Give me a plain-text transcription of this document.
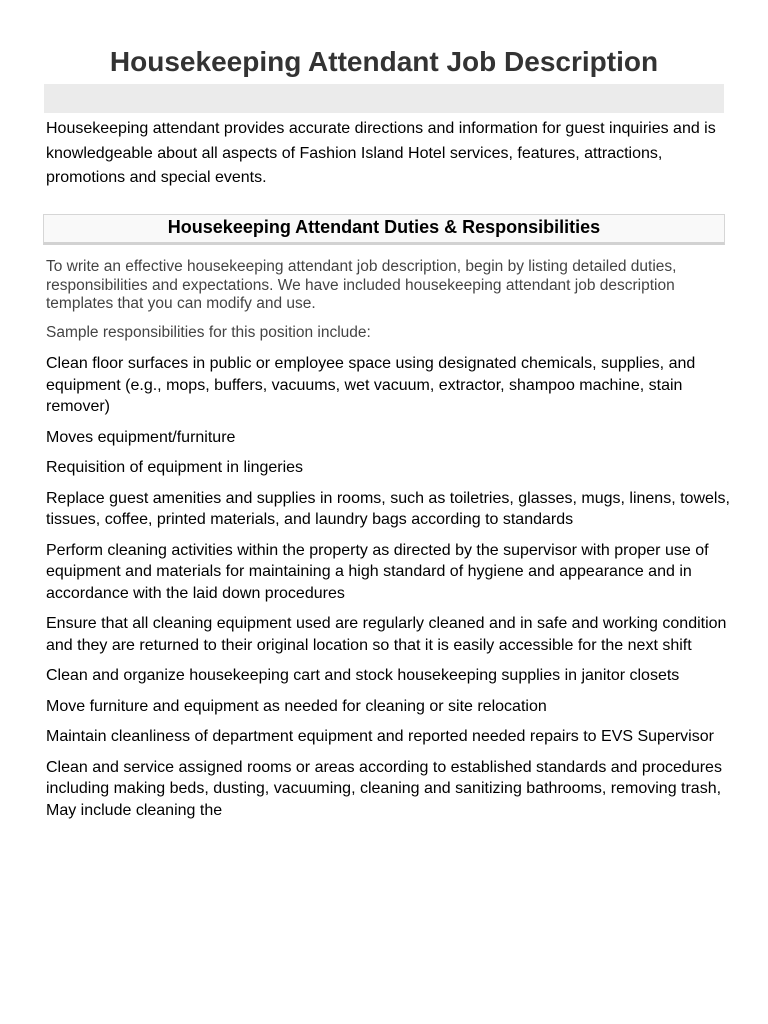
Housekeeping Attendant Job Description

Housekeeping attendant provides accurate directions and information for guest inquiries and is knowledgeable about all aspects of Fashion Island Hotel services, features, attractions, promotions and special events.

Housekeeping Attendant Duties & Responsibilities

To write an effective housekeeping attendant job description, begin by listing detailed duties, responsibilities and expectations. We have included housekeeping attendant job description templates that you can modify and use.

Sample responsibilities for this position include:

Clean floor surfaces in public or employee space using designated chemicals, supplies, and equipment (e.g., mops, buffers, vacuums, wet vacuum, extractor, shampoo machine, stain remover)
Moves equipment/furniture
Requisition of equipment in lingeries
Replace guest amenities and supplies in rooms, such as toiletries, glasses, mugs, linens, towels, tissues, coffee, printed materials, and laundry bags according to standards
Perform cleaning activities within the property as directed by the supervisor with proper use of equipment and materials for maintaining a high standard of hygiene and appearance and in accordance with the laid down procedures
Ensure that all cleaning equipment used are regularly cleaned and in safe and working condition and they are returned to their original location so that it is easily accessible for the next shift
Clean and organize housekeeping cart and stock housekeeping supplies in janitor closets
Move furniture and equipment as needed for cleaning or site relocation
Maintain cleanliness of department equipment and reported needed repairs to EVS Supervisor
Clean and service assigned rooms or areas according to established standards and procedures including making beds, dusting, vacuuming, cleaning and sanitizing bathrooms, removing trash, May include cleaning the
